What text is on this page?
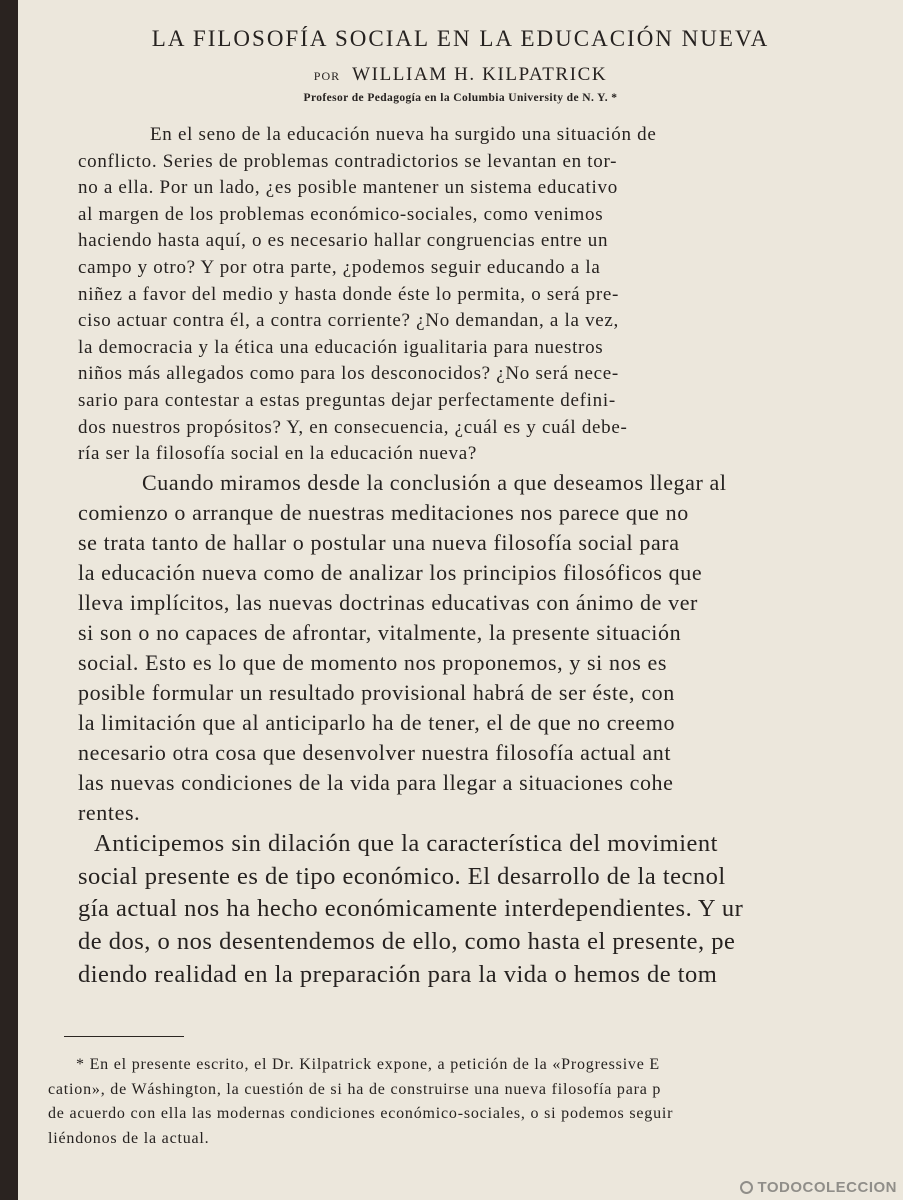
LA FILOSOFÍA SOCIAL EN LA EDUCACIÓN NUEVA
POR WILLIAM H. KILPATRICK
Profesor de Pedagogía en la Columbia University de N. Y. *
En el seno de la educación nueva ha surgido una situación de
conflicto. Series de problemas contradictorios se levantan en tor-
no a ella. Por un lado, ¿es posible mantener un sistema educativo
al margen de los problemas económico-sociales, como venimos
haciendo hasta aquí, o es necesario hallar congruencias entre un
campo y otro? Y por otra parte, ¿podemos seguir educando a la
niñez a favor del medio y hasta donde éste lo permita, o será pre-
ciso actuar contra él, a contra corriente? ¿No demandan, a la vez,
la democracia y la ética una educación igualitaria para nuestros
niños más allegados como para los desconocidos? ¿No será nece-
sario para contestar a estas preguntas dejar perfectamente defini-
dos nuestros propósitos? Y, en consecuencia, ¿cuál es y cuál debe-
ría ser la filosofía social en la educación nueva?
Cuando miramos desde la conclusión a que deseamos llegar al
comienzo o arranque de nuestras meditaciones nos parece que no
se trata tanto de hallar o postular una nueva filosofía social para
la educación nueva como de analizar los principios filosóficos que
lleva implícitos, las nuevas doctrinas educativas con ánimo de ver
si son o no capaces de afrontar, vitalmente, la presente situación
social. Esto es lo que de momento nos proponemos, y si nos es
posible formular un resultado provisional habrá de ser éste, con
la limitación que al anticiparlo ha de tener, el de que no creemo
necesario otra cosa que desenvolver nuestra filosofía actual ant
las nuevas condiciones de la vida para llegar a situaciones cohe
rentes.
Anticipemos sin dilación que la característica del movimient
social presente es de tipo económico. El desarrollo de la tecnol
gía actual nos ha hecho económicamente interdependientes. Y ur
de dos, o nos desentendemos de ello, como hasta el presente, pe
diendo realidad en la preparación para la vida o hemos de tom
* En el presente escrito, el Dr. Kilpatrick expone, a petición de la «Progressive E
cation», de Wáshington, la cuestión de si ha de construirse una nueva filosofía para p
de acuerdo con ella las modernas condiciones económico-sociales, o si podemos seguir
liéndonos de la actual.
TODOCOLECCION
